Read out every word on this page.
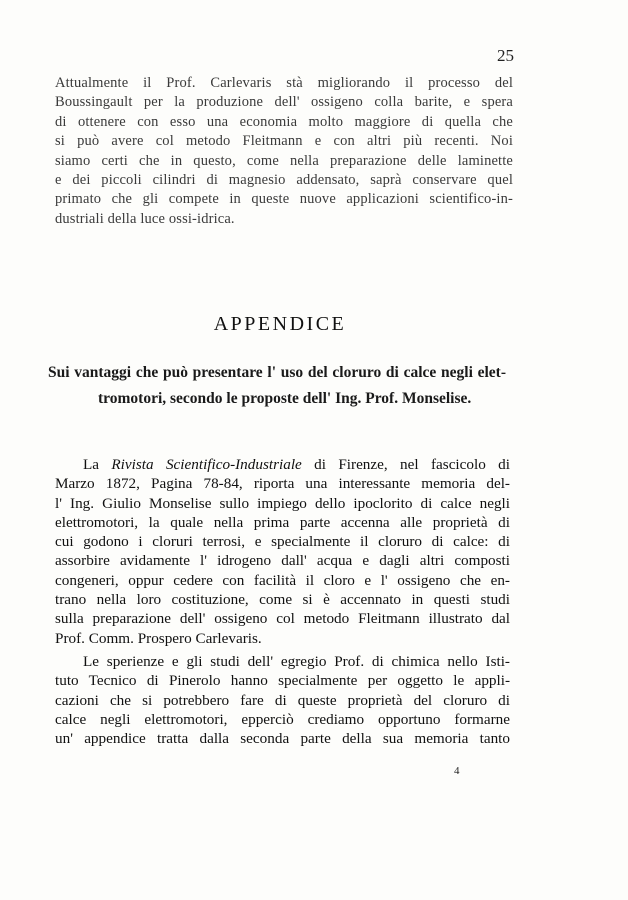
25
Attualmente il Prof. Carlevaris stà migliorando il processo del
Boussingault per la produzione dell' ossigeno colla barite, e spera
di ottenere con esso una economia molto maggiore di quella che
si può avere col metodo Fleitmann e con altri più recenti. Noi
siamo certi che in questo, come nella preparazione delle laminette
e dei piccoli cilindri di magnesio addensato, saprà conservare quel
primato che gli compete in queste nuove applicazioni scientifico-in-
dustriali della luce ossi-idrica.
APPENDICE
Sui vantaggi che può presentare l' uso del cloruro di calce negli elet-
tromotori, secondo le proposte dell' Ing. Prof. Monselise.
La Rivista Scientifico-Industriale di Firenze, nel fascicolo di
Marzo 1872, Pagina 78-84, riporta una interessante memoria del-
l' Ing. Giulio Monselise sullo impiego dello ipoclorito di calce negli
elettromotori, la quale nella prima parte accenna alle proprietà di
cui godono i cloruri terrosi, e specialmente il cloruro di calce: di
assorbire avidamente l' idrogeno dall' acqua e dagli altri composti
congeneri, oppur cedere con facilità il cloro e l' ossigeno che en-
trano nella loro costituzione, come si è accennato in questi studi
sulla preparazione dell' ossigeno col metodo Fleitmann illustrato dal
Prof. Comm. Prospero Carlevaris.
Le sperienze e gli studi dell' egregio Prof. di chimica nello Isti-
tuto Tecnico di Pinerolo hanno specialmente per oggetto le appli-
cazioni che si potrebbero fare di queste proprietà del cloruro di
calce negli elettromotori, epperciò crediamo opportuno formarne
un' appendice tratta dalla seconda parte della sua memoria tanto
4
